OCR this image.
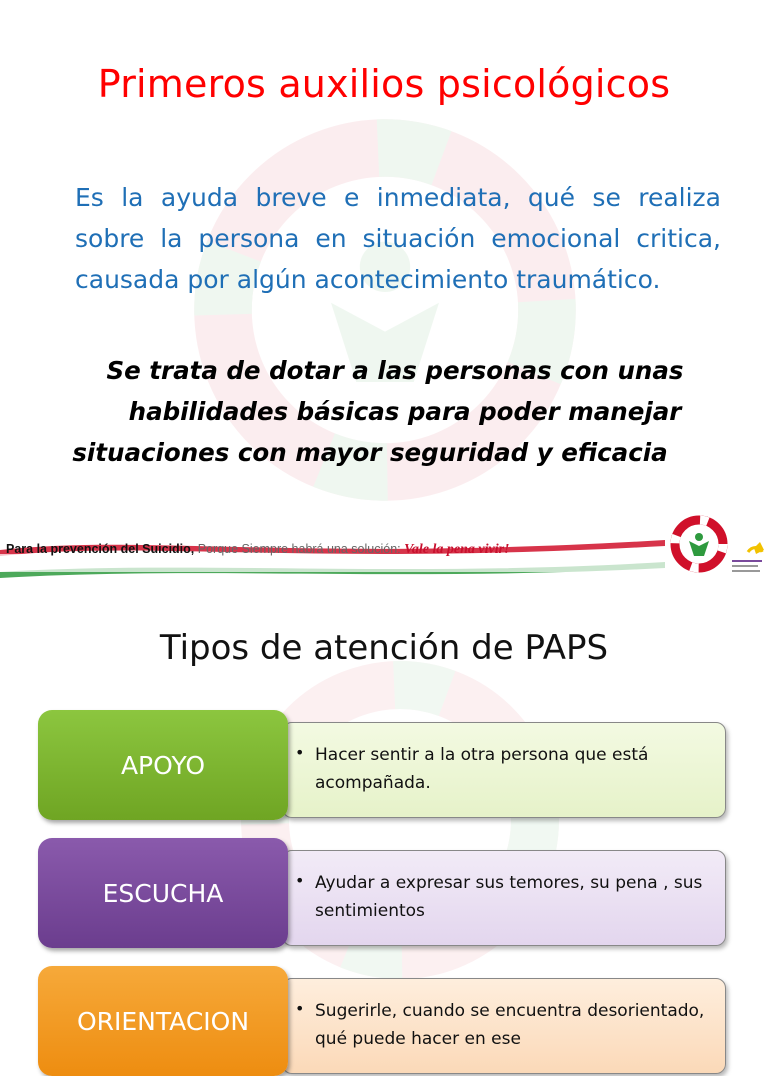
Primeros auxilios psicológicos

Es la ayuda breve e inmediata, qué se realiza sobre la persona en situación emocional critica, causada por algún acontecimiento traumático.

Se trata de dotar a las personas con unas
habilidades básicas para poder manejar
situaciones con mayor seguridad y eficacia
Para la prevención del Suicidio, Porque Siempre habrá una solución: Vale la pena vivir!
Tipos de atención de PAPS
APOYO	• Hacer sentir a la otra persona que está acompañada.
ESCUCHA	• Ayudar a expresar sus temores, su pena , sus sentimientos
ORIENTACION	• Sugerirle, cuando se encuentra desorientado, qué puede hacer en ese
